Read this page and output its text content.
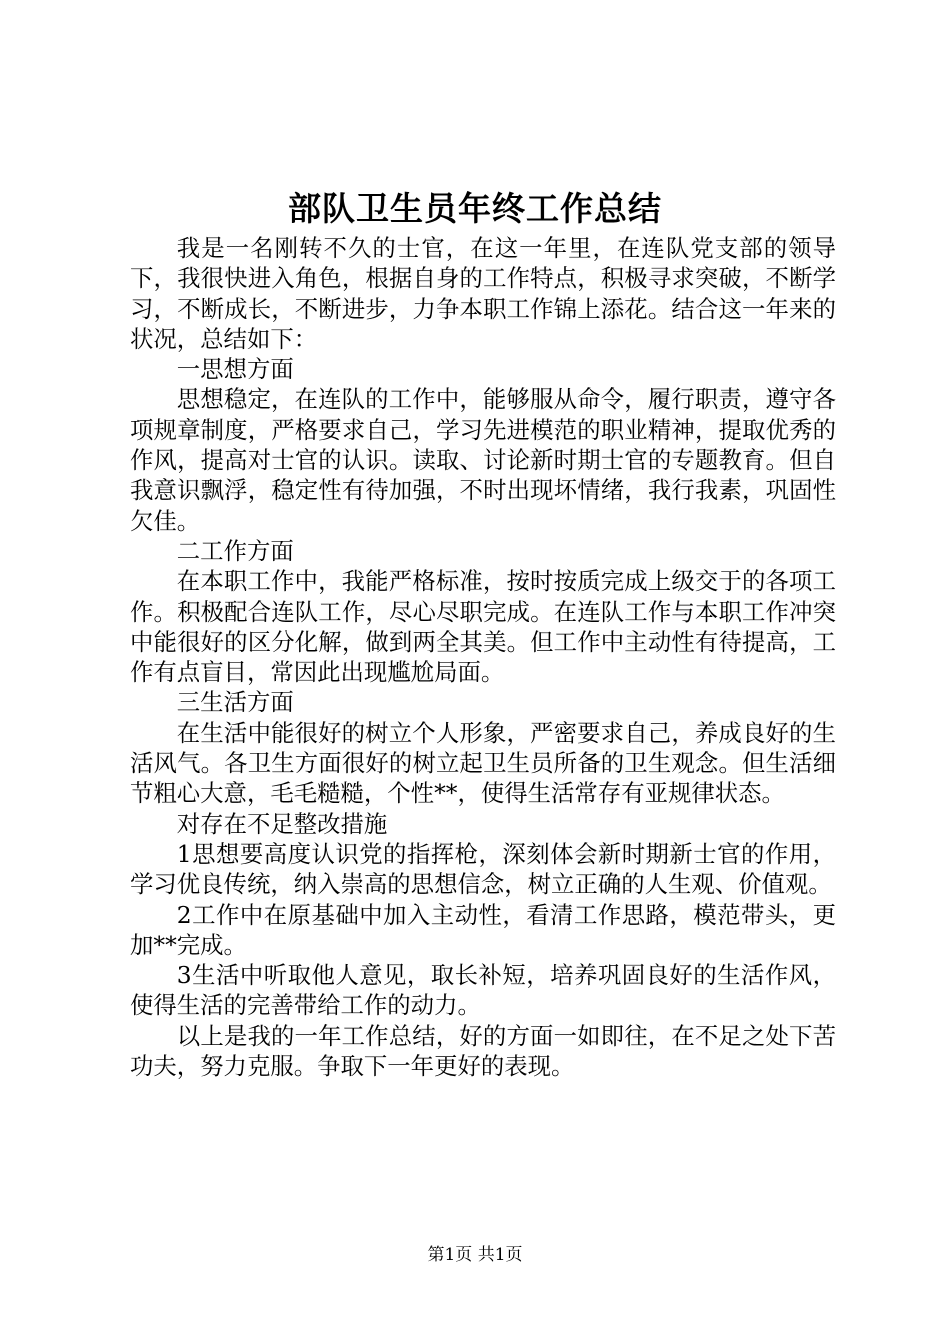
部队卫生员年终工作总结

我是一名刚转不久的士官，在这一年里，在连队党支部的领导下，我很快进入角色，根据自身的工作特点，积极寻求突破，不断学习，不断成长，不断进步，力争本职工作锦上添花。结合这一年来的状况，总结如下：

一思想方面

思想稳定，在连队的工作中，能够服从命令，履行职责，遵守各项规章制度，严格要求自己，学习先进模范的职业精神，提取优秀的作风，提高对士官的认识。读取、讨论新时期士官的专题教育。但自我意识飘浮，稳定性有待加强，不时出现坏情绪，我行我素，巩固性欠佳。

二工作方面

在本职工作中，我能严格标准，按时按质完成上级交于的各项工作。积极配合连队工作，尽心尽职完成。在连队工作与本职工作冲突中能很好的区分化解，做到两全其美。但工作中主动性有待提高，工作有点盲目，常因此出现尴尬局面。

三生活方面

在生活中能很好的树立个人形象，严密要求自己，养成良好的生活风气。各卫生方面很好的树立起卫生员所备的卫生观念。但生活细节粗心大意，毛毛糙糙，个性**，使得生活常存有亚规律状态。

对存在不足整改措施

1思想要高度认识党的指挥枪，深刻体会新时期新士官的作用，学习优良传统，纳入崇高的思想信念，树立正确的人生观、价值观。

2工作中在原基础中加入主动性，看清工作思路，模范带头，更加**完成。

3生活中听取他人意见，取长补短，培养巩固良好的生活作风，使得生活的完善带给工作的动力。

以上是我的一年工作总结，好的方面一如即往，在不足之处下苦功夫，努力克服。争取下一年更好的表现。

第1页 共1页
